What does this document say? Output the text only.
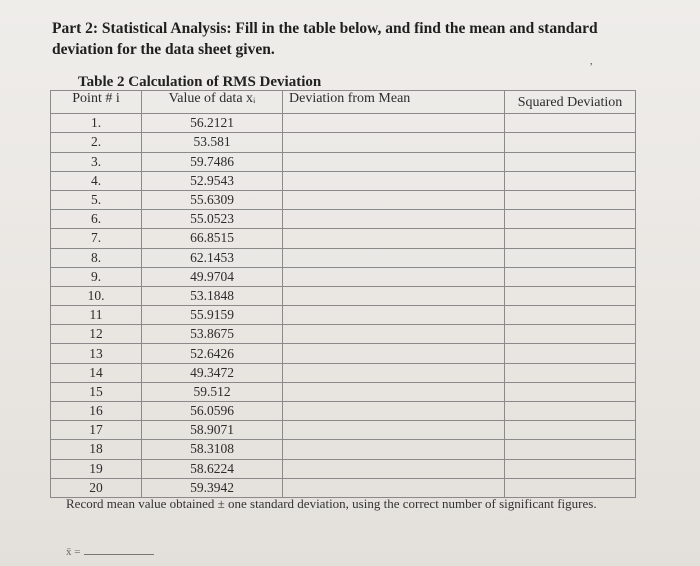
Part 2: Statistical Analysis: Fill in the table below, and find the mean and standard deviation for the data sheet given.
,
Table 2 Calculation of RMS Deviation
Point # i	Value of data xᵢ	Deviation from Mean	Squared Deviation
1.	56.2121		
2.	53.581		
3.	59.7486		
4.	52.9543		
5.	55.6309		
6.	55.0523		
7.	66.8515		
8.	62.1453		
9.	49.9704		
10.	53.1848		
11	55.9159		
12	53.8675		
13	52.6426		
14	49.3472		
15	59.512		
16	56.0596		
17	58.9071		
18	58.3108		
19	58.6224		
20	59.3942		
Record mean value obtained ± one standard deviation, using the correct number of significant figures.
x̄ =
